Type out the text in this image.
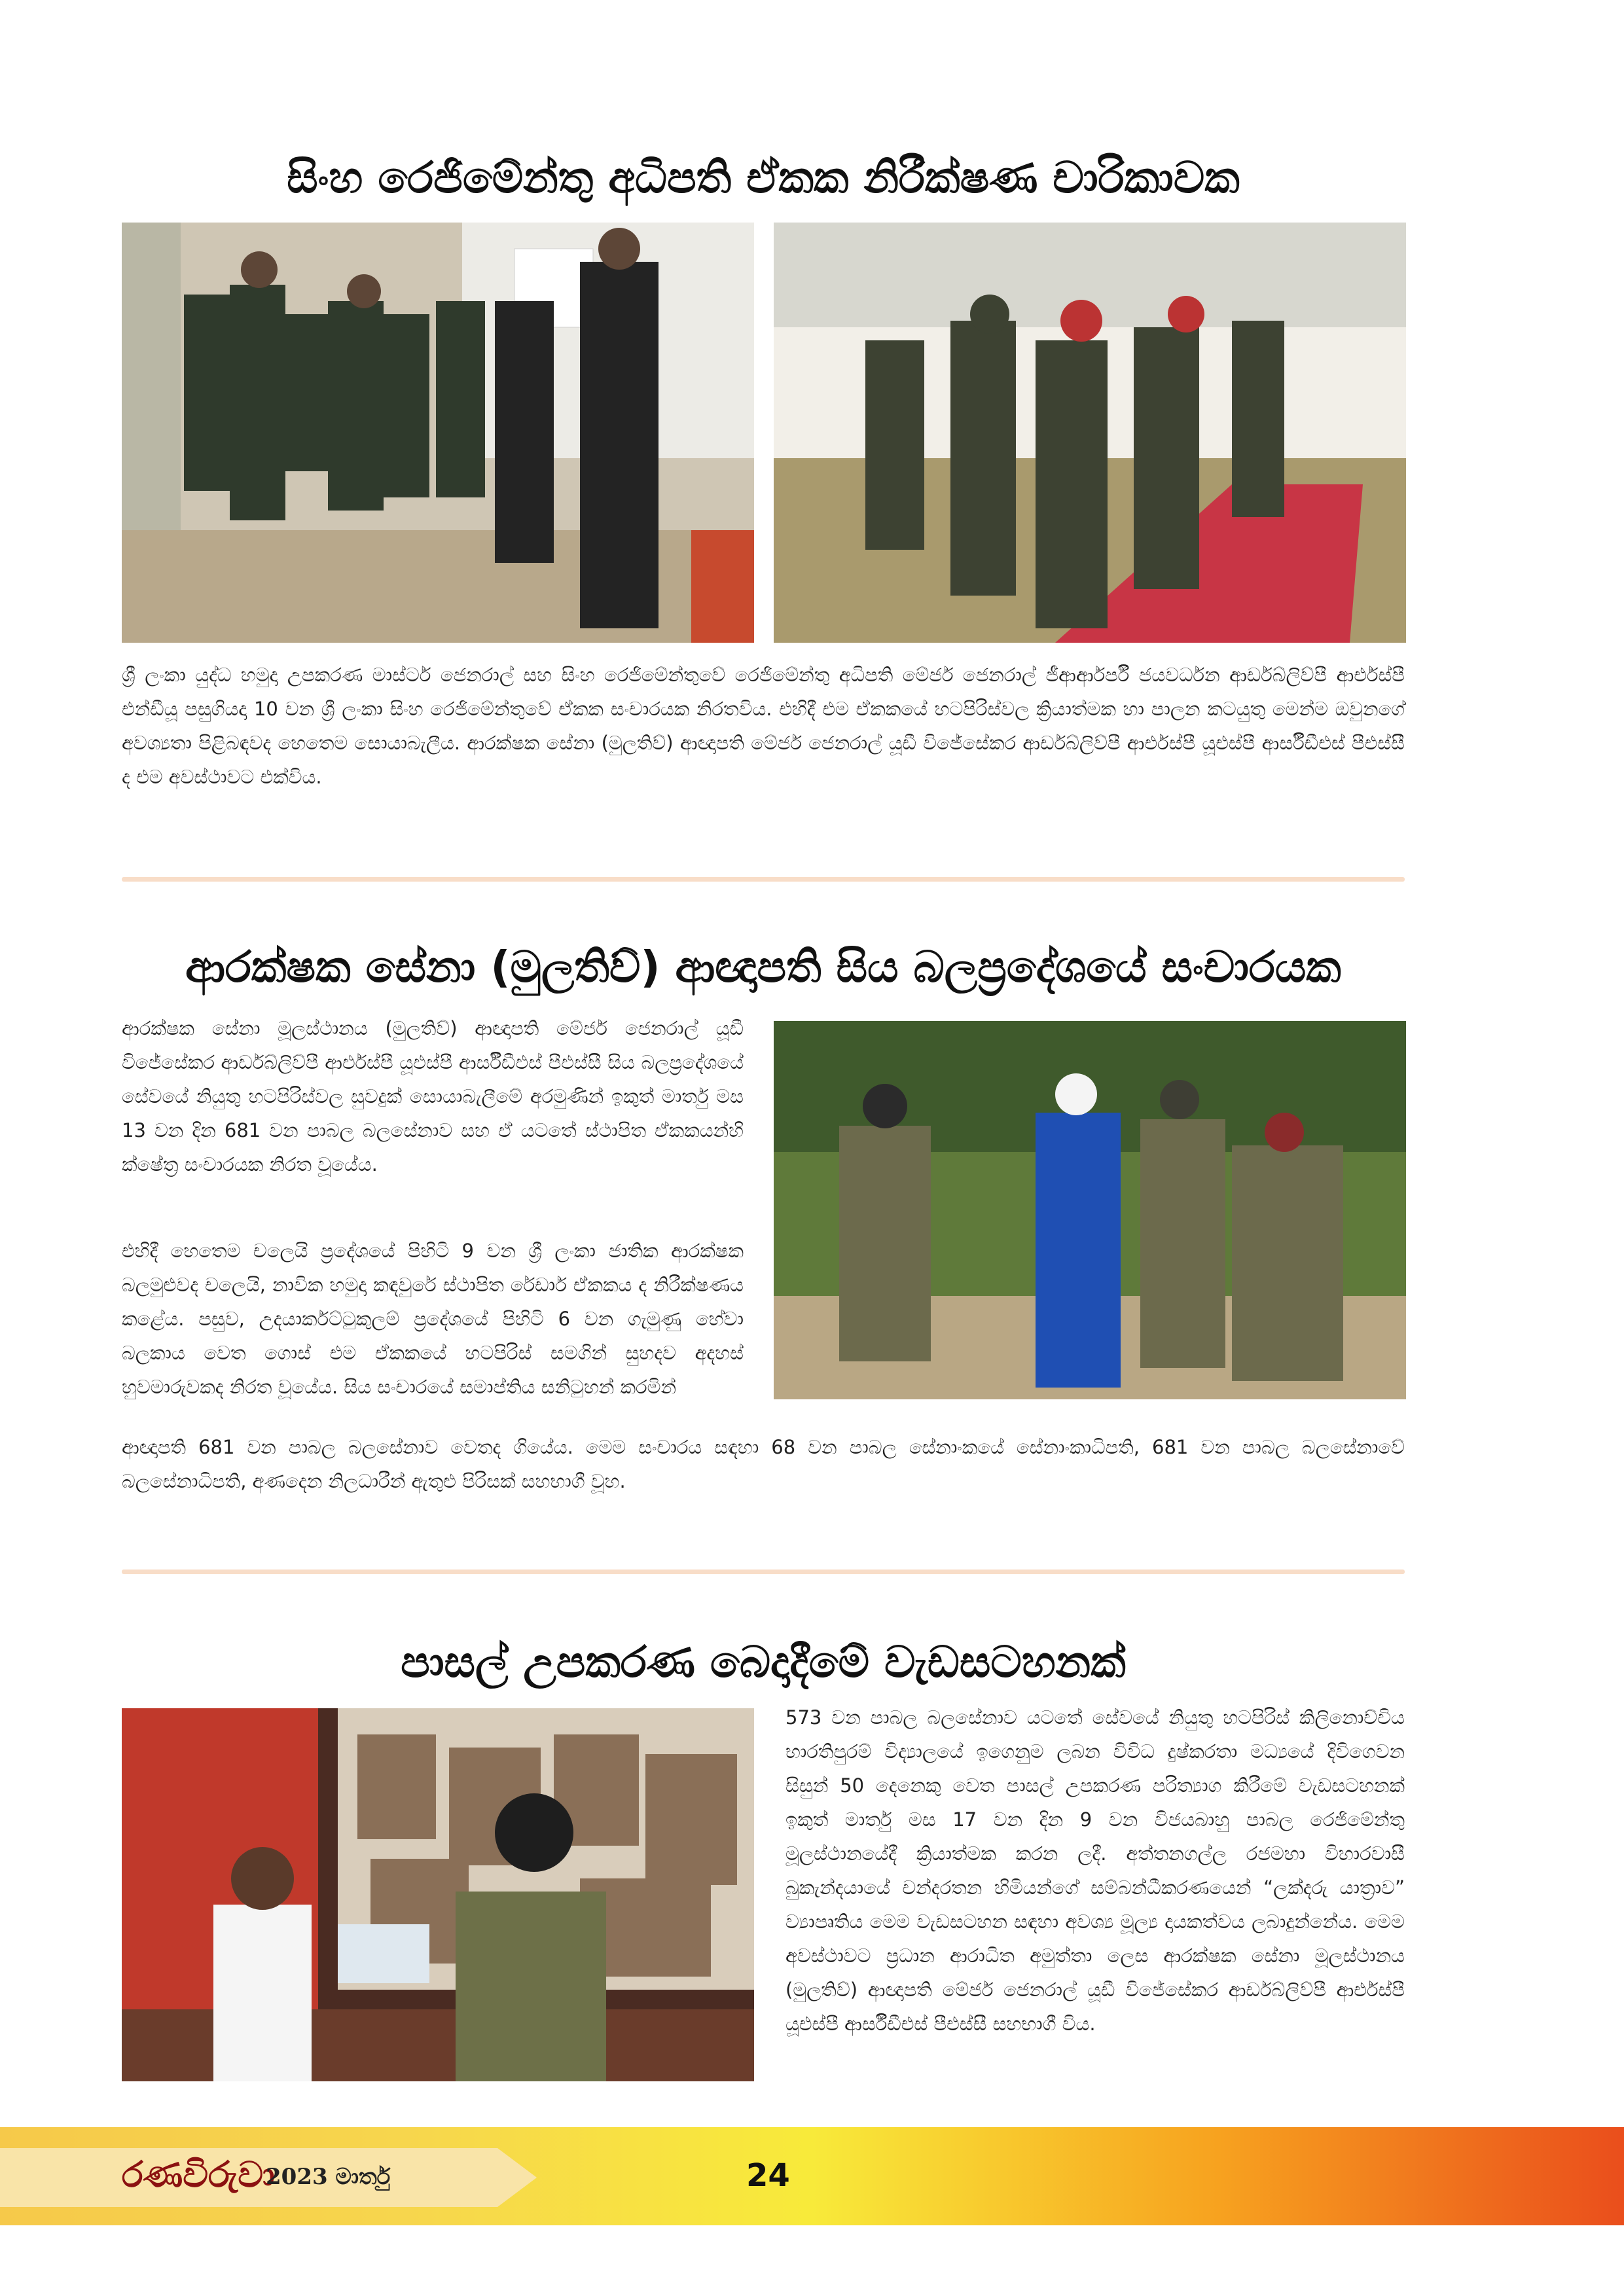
සිංහ රෙජිමේන්තු අධිපති ඒකක නිරීක්ෂණ චාරිකාවක

ශ්‍රී ලංකා යුද්ධ හමුදා උපකරණ මාස්ටර් ජෙනරාල් සහ සිංහ රෙජිමේන්තුවේ රෙජිමේන්තු අධිපති මේජර් ජෙනරාල් ජීආර්ආර්පී ජයවර්ධන ආර්ඩබ්ලිව්පී ආර්එස්පී එන්ඩීයූ පසුගියදා 10 වන ශ්‍රී ලංකා සිංහ රෙජිමේන්තුවේ ඒකක සංචාරයක නිරතවිය. එහිදී එම ඒකකයේ හටපිරිස්වල ක්‍රියාත්මක හා පාලන කටයුතු මෙන්ම ඔවුනගේ අවශ්‍යතා පිළිබඳවද හෙතෙම සොයාබැලීය. ආරක්ෂක සේනා (මුලතිව්) ආඥාපති මේජර් ජෙනරාල් යූඩී විජේසේකර ආර්ඩබ්ලිව්පී ආර්එස්පී යූඑස්පී ආර්සීඩීඑස් පීඑස්සී ද එම අවස්ථාවට එක්විය.

ආරක්ෂක සේනා (මුලතිව්) ආඥාපති සිය බලප්‍රදේශයේ සංචාරයක

ආරක්ෂක සේනා මූලස්ථානය (මුලතිව්) ආඥාපති මේජර් ජෙනරාල් යූඩී විජේසේකර ආර්ඩබ්ලිව්පී ආර්එස්පී යූඑස්පී ආර්සීඩීඑස් පීඑස්සී සිය බලප්‍රදේශයේ සේවයේ නියුතු හටපිරිස්වල සුවදුක් සොයාබැලීමේ අරමුණින් ඉකුත් මාර්තු මස 13 වන දින 681 වන පාබල බලසේනාව සහ ඒ යටතේ ස්ථාපිත ඒකකයන්හි ක්ෂේත්‍ර සංචාරයක නිරත වූයේය.

එහිදී හෙතෙම චලෙයි ප්‍රදේශයේ පිහිටි 9 වන ශ්‍රී ලංකා ජාතික ආරක්ෂක බලමුළුවද චලෙයි, නාවික හමුදා කඳවුරේ ස්ථාපිත රේඩාර් ඒකකය ද නිරීක්ෂණය කළේය. පසුව, උදයාර්කට්ටුකුලම් ප්‍රදේශයේ පිහිටි 6 වන ගැමුණු හේවා බලකාය වෙත ගොස් එම ඒකකයේ හටපිරිස් සමගින් සුහදව අදහස් හුවමාරුවකද නිරත වූයේය. සිය සංචාරයේ සමාප්තිය සනිටුහන් කරමින්

ආඥාපති 681 වන පාබල බලසේනාව වෙතද ගියේය. මෙම සංචාරය සඳහා 68 වන පාබල සේනාංකයේ සේනාංකාධිපති, 681 වන පාබල බලසේනාවේ බලසේනාධිපති, අණදෙන නිලධාරීන් ඇතුළු පිරිසක් සහභාගී වූහ.

පාසල් උපකරණ බෙදාදීමේ වැඩසටහනක්

573 වන පාබල බලසේනාව යටතේ සේවයේ නියුතු හටපිරිස් කිලිනොච්චිය භාරතිපුරම් විද්‍යාලයේ ඉගෙනුම ලබන විවිධ දුෂ්කරතා මධ්‍යයේ දිවිගෙවන සිසුන් 50 දෙනෙකු වෙත පාසල් උපකරණ පරිත්‍යාග කිරීමේ වැඩසටහනක් ඉකුත් මාර්තු මස 17 වන දින 9 වන විජයබාහු පාබල රෙජිමේන්තු මූලස්ථානයේදී ක්‍රියාත්මක කරන ලදී. අත්තනගල්ල රජමහා විහාරවාසී බුකැන්දයායේ චන්දරතන හිමියන්ගේ සම්බන්ධීකරණයෙන් “ලක්දරු යාත්‍රාව” ව්‍යාපෘතිය මෙම වැඩසටහන සඳහා අවශ්‍ය මූල්‍ය දායකත්වය ලබාදුන්නේය. මෙම අවස්ථාවට ප්‍රධාන ආරාධිත අමුත්තා ලෙස ආරක්ෂක සේනා මූලස්ථානය (මුලතිව්) ආඥාපති මේජර් ජෙනරාල් යූඩී විජේසේකර ආර්ඩබ්ලිව්පී ආර්එස්පී යූඑස්පී ආර්සීඩීඑස් පීඑස්සී සහභාගී විය.

රණවිරුවා
2023 මාර්තු	24
